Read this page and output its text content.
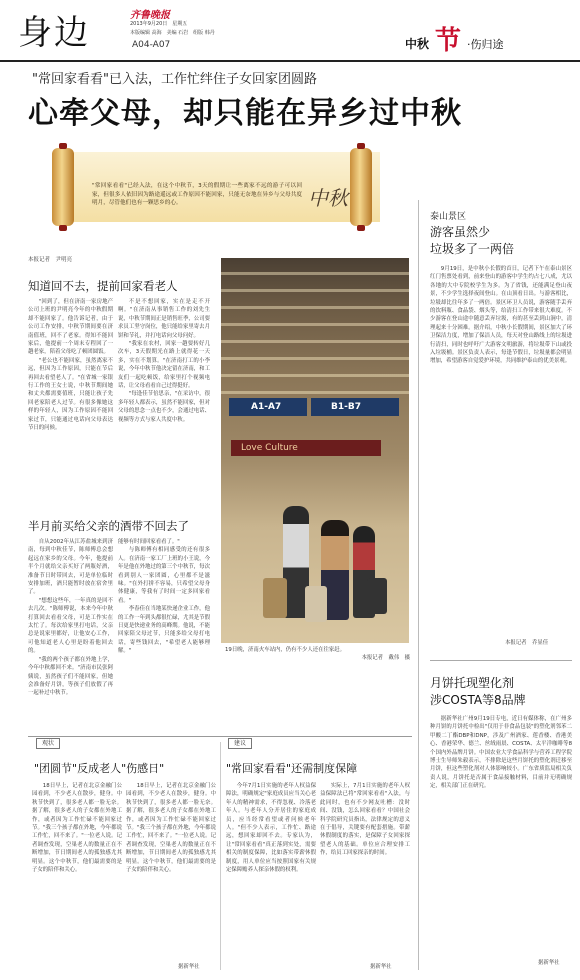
身边	齐鲁晚报
2013年9月20日　星期五
本版编辑 高海　美编 石岩　组版 韩丹
A04-A07	中秋 节 ·伤归途
"常回家看看"已入法，工作忙绊住子女回家团圆路
心牵父母，却只能在异乡过中秋
"常回家看看"已经入法，在这个中秋节，3天的假期让一些离家不远的游子可以回家，但很多人依旧因为路途遥远或工作原因不能回家，只能无奈地在异乡与父母共度明月，尽管他们也有一颗思乡的心。	中秋
本报记者　尹明亮
知道回不去，提前回家看老人

"回到了，但在济南一家房地产公司上班的尹明亮今年的中秋假期却不能回家了。他告诉记者，由于公司工作安排，中秋节期间要在济南值班，回不了老家。得知不能回家后，他提前一个周末专程回了一趟老家，陪着父母吃了顿团圆饭。

"老公也不能回家，虽然离家不远，但因为工作原因，只能在节后再回去看望老人了。"在省城一家银行工作的王女士说，中秋节期间她和丈夫都需要值班，只能让孩子先回老家陪老人过节。有很多像她这样的年轻人，因为工作原因不能回家过节，只能通过电话向父母表达节日的问候。

不是不想回家，实在是走不开啊。"在济南从事销售工作的刘先生说，中秋节期间正是销售旺季，公司要求员工坚守岗位，他只能给家里寄去月饼和节礼，并打电话向父母问好。

"我家在农村，回家一趟要转好几次车，3天假期光在路上就得花一天多，实在不划算。"在济南打工的小李说，今年中秋节他决定留在济南，和工友们一起吃顿饭，给家里打个视频电话，让父母看看自己过得挺好。

"每逢佳节倍思亲，"在采访中，很多年轻人都表示，虽然不能回家，但对父母的思念一点也不少，会通过电话、视频等方式与家人共度中秋。

半月前买给父亲的酒带不回去了

自从2002年从江苏盐城来到济南，每到中秋佳节，陈师傅总会想起远在家乡的父母。今年，他提前半个月就给父亲买好了两瓶好酒，准备节日时带回去，可是单位临时安排加班，酒只能暂时放在宿舍里了。

"想想这些年，一年真的是回不去几次。"陈师傅说，本来今年中秋打算回去看看父母，可是工作实在太忙了。每次给家里打电话，父亲总是说家里都好，让他安心工作，可他知道老人心里是盼着他回去的。

"我的两个孩子都在外地上学，今年中秋都回不来。"济南市民张阿姨说，虽然孩子们不能回家，但她会准备好月饼，等孩子们放假了再一起补过中秋节。

能够有时间回家看看了。"

与陈师傅有相同感受的还有很多人。在济南一家工厂上班的小王说，今年是他在外地过的第三个中秋节，每次看到别人一家团圆，心里都不是滋味。"在外打拼不容易，只希望父母身体健康，等我有了时间一定多回家看看。"

李春佳在当地某快递企业工作，他的工作一年到头都很忙碌，尤其是节假日更是快递业务的高峰期。他说，不能回家陪父母过节，只能多给父母打电话，寄些钱回去，"希望老人能够理解。"

A1-A7	B1-B7
Love Culture
19日晚，济南火车站内，仍有不少人还在往家赶。

本报记者　戴伟　摄
泰山景区
游客虽然少
垃圾多了一两倍
9月19日，是中秋小长假的首日，记者下午在泰山景区红门售票处看到，前来登山的游客中学生约占七八成，尤以各地的大中专院校学生为多。为了省钱，还能满足登山夜景，不少学生选择夜间登山。在山顶看日出。与游客相比，垃圾却比往年多了一两倍。景区环卫人员说，游客随手丢弃的饮料瓶、食品袋、烟头等，给清扫工作带来很大难度。不少游客在登山途中随意丢弃垃圾，有的甚至丢到山涧中，清理起来十分困难。据介绍，中秋小长假期间，景区加大了环卫保洁力度，增加了保洁人员，每天对登山路线上的垃圾进行清扫，同时也呼吁广大游客文明旅游，将垃圾带下山或投入垃圾桶。景区负责人表示，每逢节假日，垃圾量都会明显增加，希望游客自觉爱护环境，共同维护泰山的优美景观。
本报记者　乔显佳
月饼托现塑化剂
涉COSTA等8品牌
据新华社广州9月19日专电，近日有媒体称，在广州多种月饼的月饼托中检出"仅用于非食品包装"的塑化剂邻苯二甲酸二丁酯DBP和DNP，涉及广州酒家、莲香楼、香港美心、香港荣华、德兰、丝绒雨晨、COSTA、太平洋咖啡等8个国内外品牌月饼。中国农业大学食品科学与营养工程学院博士生导师朱毅表示，不排除是这些月饼托的塑化剂迁移至月饼，但这些塑化剂对人体影响较小。广东省质监局相关负责人说，月饼托是否属于食品接触材料，目前并无明确规定，相关部门正在研究。
据新华社
观状	建议
"团圆节"反成老人"伤感日"
18日早上，记者在北京金融门公园看到，不少老人在散步，健身。中秋节快到了，很多老人都一脸无奈。据了解，很多老人的子女都在外地工作，或者因为工作忙碌不能回家过节。"我三个孩子都在外地，今年都说工作忙，回不来了。"一位老人说。记者调查发现，空巢老人的数量正在不断增加，节日期间老人的孤独感尤其明显。这个中秋节，他们最需要的是子女的陪伴和关心。
18日早上，记者在北京金融门公园看到，不少老人在散步，健身。中秋节快到了，很多老人都一脸无奈。据了解，很多老人的子女都在外地工作，或者因为工作忙碌不能回家过节。"我三个孩子都在外地，今年都说工作忙，回不来了。"一位老人说。记者调查发现，空巢老人的数量正在不断增加，节日期间老人的孤独感尤其明显。这个中秋节，他们最需要的是子女的陪伴和关心。
据新华社
"常回家看看"还需制度保障
今年7月1日实施的老年人权益保障法，明确规定"家庭成员应当关心老年人的精神需求，不得忽视、冷落老年人。与老年人分开居住的家庭成员，应当经常看望或者问候老年人。"但不少人表示，工作忙、路途远，想回家却回不去。专家认为，让"常回家看看"真正落到实处，需要相关的制度保障，比如落实带薪休假制度，用人单位应当按照国家有关规定保障赡养人探亲休假的权利。
实际上，7月1日实施的老年人权益保障法已将"常回家看看"入法，与此同时，也有不少网友吐槽：没时间、没钱，怎么回家看看？中国社会科学院研究员指出，法律规定的意义在于倡导，关键要有配套措施。带薪休假制度的落实，是保障子女回家探望老人的基础。单位应合理安排工作，给员工回家探亲的时间。
据新华社
